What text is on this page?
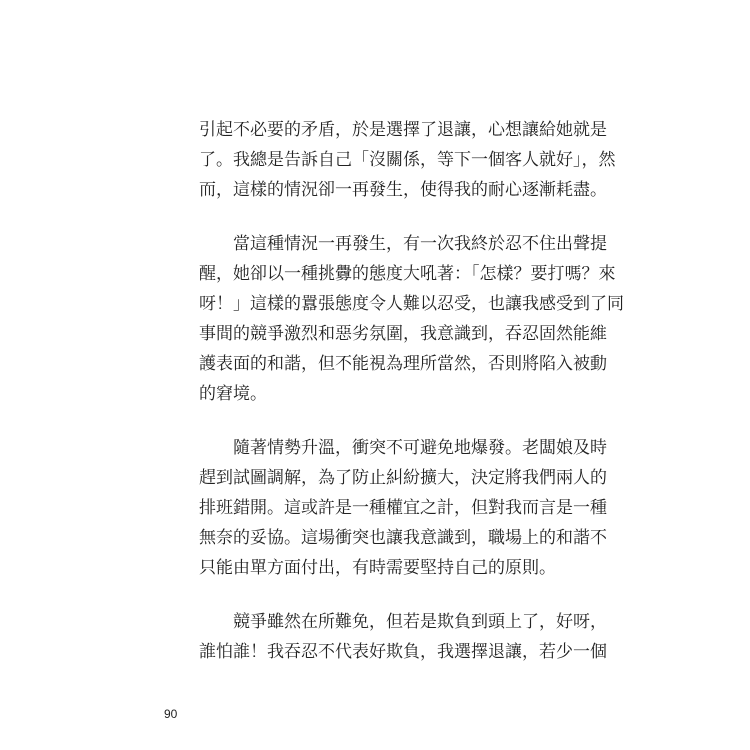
引起不必要的矛盾，於是選擇了退讓，心想讓給她就是
了。我總是告訴自己「沒關係，等下一個客人就好」，然
而，這樣的情況卻一再發生，使得我的耐心逐漸耗盡。
當這種情況一再發生，有一次我終於忍不住出聲提
醒，她卻以一種挑釁的態度大吼著：「怎樣？要打嗎？來
呀！」這樣的囂張態度令人難以忍受，也讓我感受到了同
事間的競爭激烈和惡劣氛圍，我意識到，吞忍固然能維
護表面的和諧，但不能視為理所當然，否則將陷入被動
的窘境。
隨著情勢升溫，衝突不可避免地爆發。老闆娘及時
趕到試圖調解，為了防止糾紛擴大，決定將我們兩人的
排班錯開。這或許是一種權宜之計，但對我而言是一種
無奈的妥協。這場衝突也讓我意識到，職場上的和諧不
只能由單方面付出，有時需要堅持自己的原則。
競爭雖然在所難免，但若是欺負到頭上了，好呀，
誰怕誰！我吞忍不代表好欺負，我選擇退讓，若少一個
90
